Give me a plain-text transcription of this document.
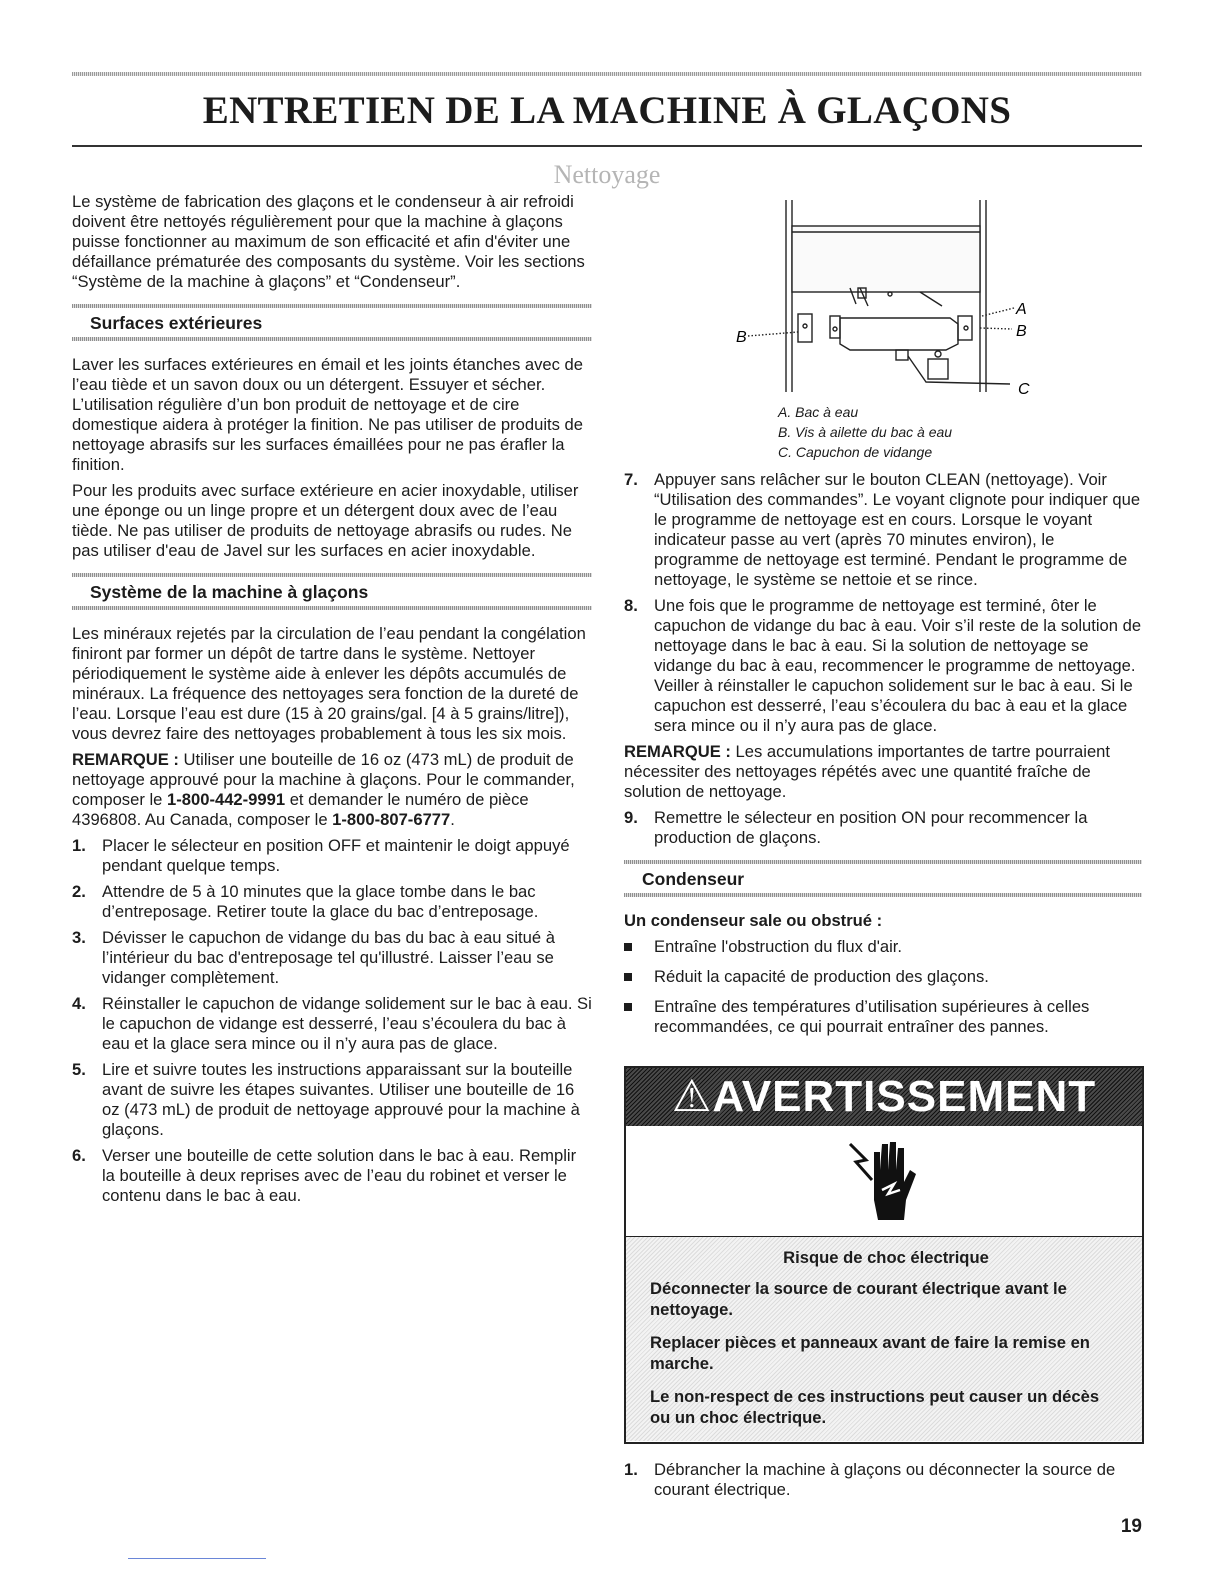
ENTRETIEN DE LA MACHINE À GLAÇONS
Nettoyage

Le système de fabrication des glaçons et le condenseur à air refroidi doivent être nettoyés régulièrement pour que la machine à glaçons puisse fonctionner au maximum de son efficacité et afin d'éviter une défaillance prématurée des composants du système. Voir les sections “Système de la machine à glaçons” et “Condenseur”.

Surfaces extérieures

Laver les surfaces extérieures en émail et les joints étanches avec de l’eau tiède et un savon doux ou un détergent. Essuyer et sécher. L’utilisation régulière d’un bon produit de nettoyage et de cire domestique aidera à protéger la finition. Ne pas utiliser de produits de nettoyage abrasifs sur les surfaces émaillées pour ne pas érafler la finition.

Pour les produits avec surface extérieure en acier inoxydable, utiliser une éponge ou un linge propre et un détergent doux avec de l’eau tiède. Ne pas utiliser de produits de nettoyage abrasifs ou rudes. Ne pas utiliser d'eau de Javel sur les surfaces en acier inoxydable.

Système de la machine à glaçons

Les minéraux rejetés par la circulation de l’eau pendant la congélation finiront par former un dépôt de tartre dans le système. Nettoyer périodiquement le système aide à enlever les dépôts accumulés de minéraux. La fréquence des nettoyages sera fonction de la dureté de l’eau. Lorsque l’eau est dure (15 à 20 grains/gal. [4 à 5 grains/litre]), vous devrez faire des nettoyages probablement à tous les six mois.

REMARQUE : Utiliser une bouteille de 16 oz (473 mL) de produit de nettoyage approuvé pour la machine à glaçons. Pour le commander, composer le 1-800-442-9991 et demander le numéro de pièce 4396808. Au Canada, composer le 1-800-807-6777.

1. Placer le sélecteur en position OFF et maintenir le doigt appuyé pendant quelque temps.
2. Attendre de 5 à 10 minutes que la glace tombe dans le bac d’entreposage. Retirer toute la glace du bac d’entreposage.
3. Dévisser le capuchon de vidange du bas du bac à eau situé à l’intérieur du bac d'entreposage tel qu'illustré. Laisser l’eau se vidanger complètement.
4. Réinstaller le capuchon de vidange solidement sur le bac à eau. Si le capuchon de vidange est desserré, l’eau s’écoulera du bac à eau et la glace sera mince ou il n’y aura pas de glace.
5. Lire et suivre toutes les instructions apparaissant sur la bouteille avant de suivre les étapes suivantes. Utiliser une bouteille de 16 oz (473 mL) de produit de nettoyage approuvé pour la machine à glaçons.
6. Verser une bouteille de cette solution dans le bac à eau. Remplir la bouteille à deux reprises avec de l’eau du robinet et verser le contenu dans le bac à eau.
A
B
B
C
A. Bac à eau
B. Vis à ailette du bac à eau
C. Capuchon de vidange
7. Appuyer sans relâcher sur le bouton CLEAN (nettoyage). Voir “Utilisation des commandes”. Le voyant clignote pour indiquer que le programme de nettoyage est en cours. Lorsque le voyant indicateur passe au vert (après 70 minutes environ), le programme de nettoyage est terminé. Pendant le programme de nettoyage, le système se nettoie et se rince.
8. Une fois que le programme de nettoyage est terminé, ôter le capuchon de vidange du bac à eau. Voir s’il reste de la solution de nettoyage dans le bac à eau. Si la solution de nettoyage se vidange du bac à eau, recommencer le programme de nettoyage. Veiller à réinstaller le capuchon solidement sur le bac à eau. Si le capuchon est desserré, l’eau s’écoulera du bac à eau et la glace sera mince ou il n’y aura pas de glace.

REMARQUE : Les accumulations importantes de tartre pourraient nécessiter des nettoyages répétés avec une quantité fraîche de solution de nettoyage.

9. Remettre le sélecteur en position ON pour recommencer la production de glaçons.
Condenseur

Un condenseur sale ou obstrué :

Entraîne l'obstruction du flux d'air.
Réduit la capacité de production des glaçons.
Entraîne des températures d’utilisation supérieures à celles recommandées, ce qui pourrait entraîner des pannes.
⚠AVERTISSEMENT

Risque de choc électrique

Déconnecter la source de courant électrique avant le nettoyage.

Replacer pièces et panneaux avant de faire la remise en marche.

Le non-respect de ces instructions peut causer un décès ou un choc électrique.

1. Débrancher la machine à glaçons ou déconnecter la source de courant électrique.
19
